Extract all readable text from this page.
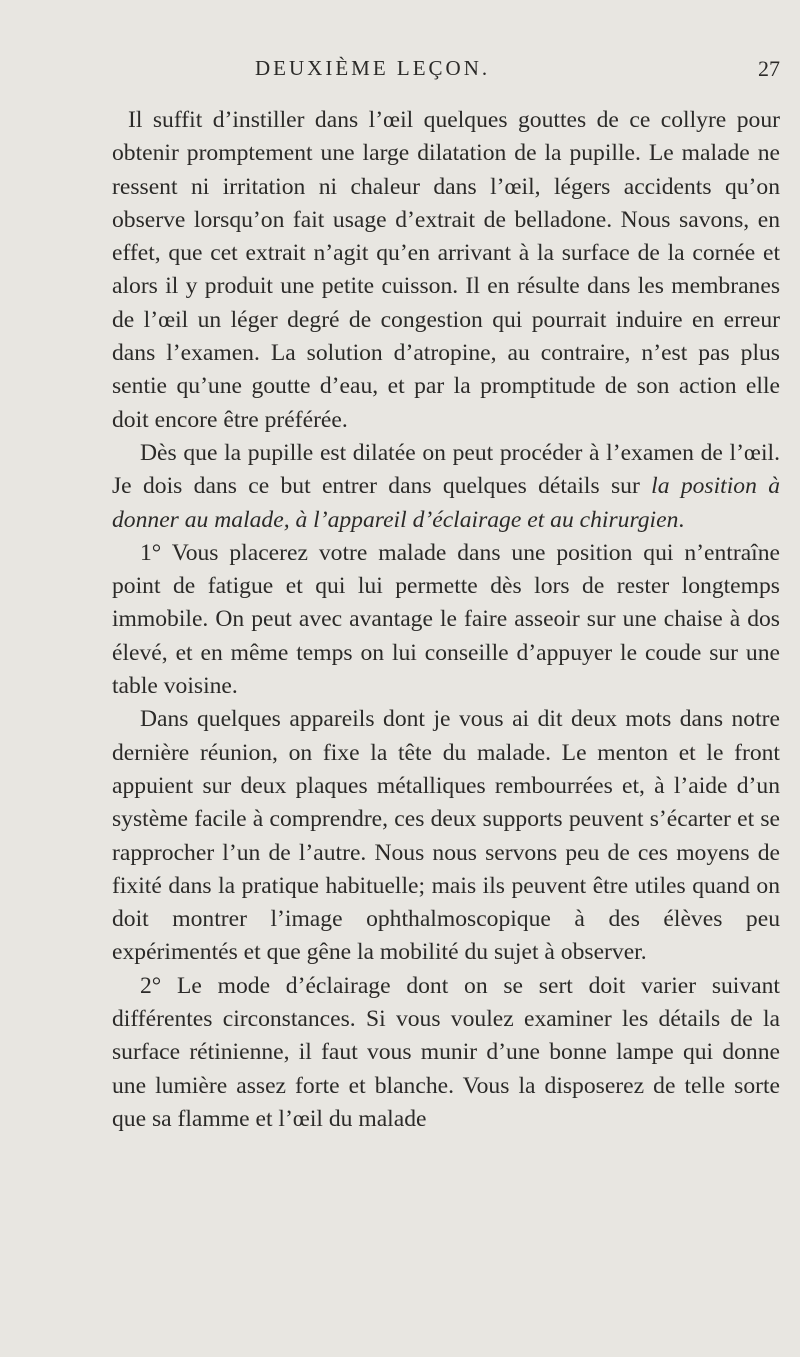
DEUXIÈME LEÇON.	27

Il suffit d’instiller dans l’œil quelques gouttes de ce collyre pour obtenir promptement une large dilatation de la pupille. Le malade ne ressent ni irritation ni chaleur dans l’œil, légers accidents qu’on observe lorsqu’on fait usage d’extrait de belladone. Nous savons, en effet, que cet extrait n’agit qu’en arrivant à la surface de la cornée et alors il y produit une petite cuisson. Il en résulte dans les membranes de l’œil un léger degré de congestion qui pourrait induire en erreur dans l’examen. La solution d’atropine, au contraire, n’est pas plus sentie qu’une goutte d’eau, et par la promptitude de son action elle doit encore être préférée.

Dès que la pupille est dilatée on peut procéder à l’examen de l’œil. Je dois dans ce but entrer dans quelques détails sur la position à donner au malade, à l’appareil d’éclairage et au chirurgien.

1° Vous placerez votre malade dans une position qui n’entraîne point de fatigue et qui lui permette dès lors de rester longtemps immobile. On peut avec avantage le faire asseoir sur une chaise à dos élevé, et en même temps on lui conseille d’appuyer le coude sur une table voisine.

Dans quelques appareils dont je vous ai dit deux mots dans notre dernière réunion, on fixe la tête du malade. Le menton et le front appuient sur deux plaques métalliques rembourrées et, à l’aide d’un système facile à comprendre, ces deux supports peuvent s’écarter et se rapprocher l’un de l’autre. Nous nous servons peu de ces moyens de fixité dans la pratique habituelle; mais ils peuvent être utiles quand on doit montrer l’image ophthalmoscopique à des élèves peu expérimentés et que gêne la mobilité du sujet à observer.

2° Le mode d’éclairage dont on se sert doit varier suivant différentes circonstances. Si vous voulez examiner les détails de la surface rétinienne, il faut vous munir d’une bonne lampe qui donne une lumière assez forte et blanche. Vous la disposerez de telle sorte que sa flamme et l’œil du malade
